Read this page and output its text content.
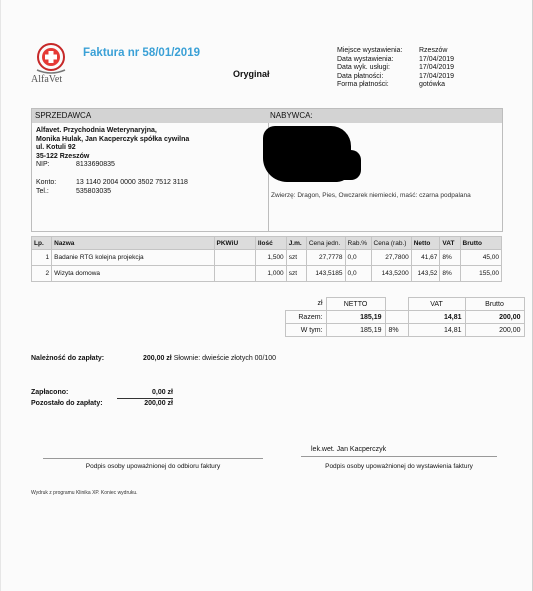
AlfaVet
Faktura nr 58/01/2019
Oryginał
Miejsce wystawienia:	Rzeszów
Data wystawienia:	17/04/2019
Data wyk. usługi:	17/04/2019
Data płatności:	17/04/2019
Forma płatności:	gotówka
SPRZEDAWCA
Alfavet. Przychodnia Weterynaryjna,
Monika Hulak, Jan Kacperczyk spółka cywilna
ul. Kotuli 92
35-122 Rzeszów
NIP:	8133690835
Konto:	13 1140 2004 0000 3502 7512 3118
Tel.:	535803035
NABYWCA:
Zwierzę: Dragon, Pies, Owczarek niemiecki, maść: czarna podpalana
Lp.	Nazwa	PKWiU	Ilość	J.m.	Cena jedn.	Rab.%	Cena (rab.)	Netto	VAT	Brutto
1	Badanie RTG kolejna projekcja		1,500	szt	27,7778	0,0	27,7800	41,67	8%	45,00
2	Wizyta domowa		1,000	szt	143,5185	0,0	143,5200	143,52	8%	155,00
zł	NETTO		VAT	Brutto
Razem:	185,19		14,81	200,00
W tym:	185,19	8%	14,81	200,00
Należność do zapłaty:	200,00 zł Słownie: dwieście złotych 00/100
Zapłacono:	0,00 zł
Pozostało do zapłaty:	200,00 zł
lek.wet. Jan Kacperczyk
Podpis osoby upoważnionej do odbioru faktury	Podpis osoby upoważnionej do wystawienia faktury
Wydruk z programu Klinika XP. Koniec wydruku.
